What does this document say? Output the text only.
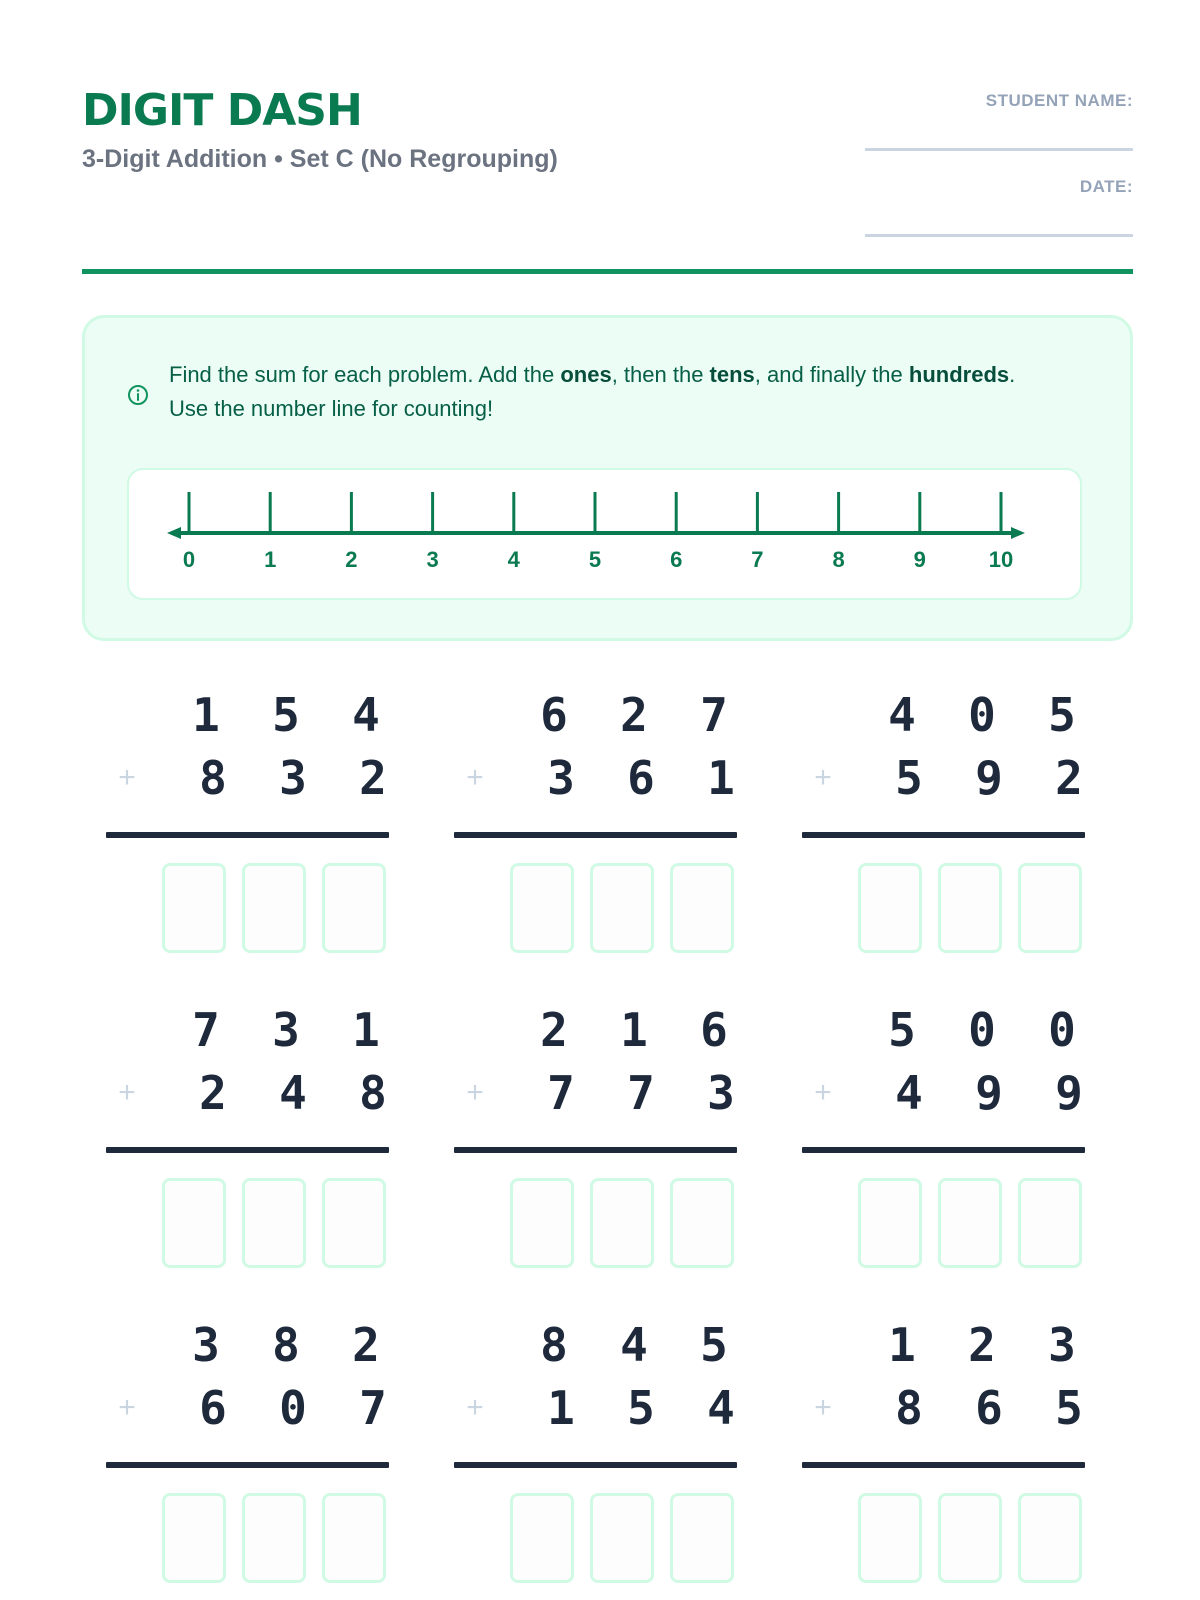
DIGIT DASH
3-Digit Addition • Set C (No Regrouping)
STUDENT NAME:
DATE:
Find the sum for each problem. Add the ones, then the tens, and finally the hundreds. Use the number line for counting!
0	1	2	3	4	5	6	7	8	9	10
1	5	4
+	8	3	2
6	2	7
+	3	6	1
4	0	5
+	5	9	2
7	3	1
+	2	4	8
2	1	6
+	7	7	3
5	0	0
+	4	9	9
3	8	2
+	6	0	7
8	4	5
+	1	5	4
1	2	3
+	8	6	5
